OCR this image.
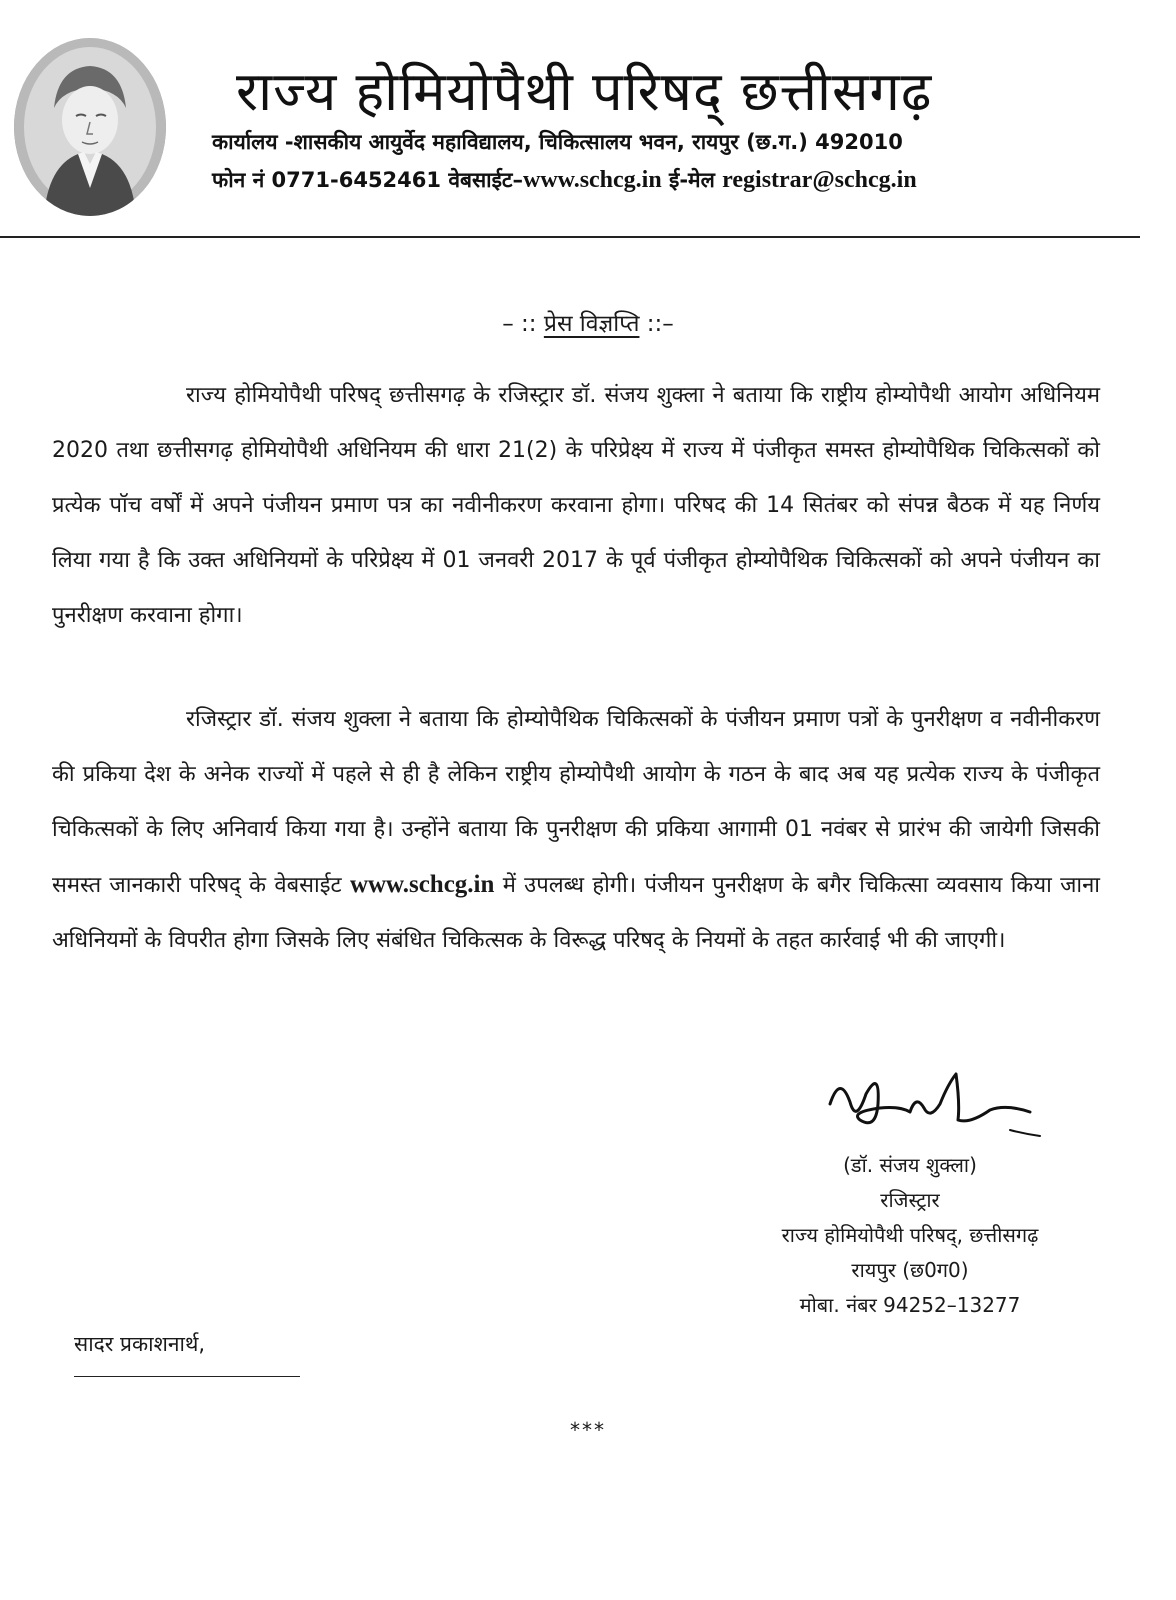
राज्य होमियोपैथी परिषद् छत्तीसगढ़
कार्यालय -शासकीय आयुर्वेद महाविद्यालय, चिकित्सालय भवन, रायपुर (छ.ग.) 492010
फोन नं 0771-6452461 वेबसाईट–www.schcg.in ई-मेल registrar@schcg.in
– :: प्रेस विज्ञप्ति ::–

राज्य होमियोपैथी परिषद् छत्तीसगढ़ के रजिस्ट्रार डॉ. संजय शुक्ला ने बताया कि राष्ट्रीय होम्योपैथी आयोग अधिनियम 2020 तथा छत्तीसगढ़ होमियोपैथी अधिनियम की धारा 21(2) के परिप्रेक्ष्य में राज्य में पंजीकृत समस्त होम्योपैथिक चिकित्सकों को प्रत्येक पॉच वर्षों में अपने पंजीयन प्रमाण पत्र का नवीनीकरण करवाना होगा। परिषद की 14 सितंबर को संपन्न बैठक में यह निर्णय लिया गया है कि उक्त अधिनियमों के परिप्रेक्ष्य में 01 जनवरी 2017 के पूर्व पंजीकृत होम्योपैथिक चिकित्सकों को अपने पंजीयन का पुनरीक्षण करवाना होगा।

रजिस्ट्रार डॉ. संजय शुक्ला ने बताया कि होम्योपैथिक चिकित्सकों के पंजीयन प्रमाण पत्रों के पुनरीक्षण व नवीनीकरण की प्रकिया देश के अनेक राज्यों में पहले से ही है लेकिन राष्ट्रीय होम्योपैथी आयोग के गठन के बाद अब यह प्रत्येक राज्य के पंजीकृत चिकित्सकों के लिए अनिवार्य किया गया है। उन्होंने बताया कि पुनरीक्षण की प्रकिया आगामी 01 नवंबर से प्रारंभ की जायेगी जिसकी समस्त जानकारी परिषद् के वेबसाईट www.schcg.in में उपलब्ध होगी। पंजीयन पुनरीक्षण के बगैर चिकित्सा व्यवसाय किया जाना अधिनियमों के विपरीत होगा जिसके लिए संबंधित चिकित्सक के विरूद्ध परिषद् के नियमों के तहत कार्रवाई भी की जाएगी।

(डॉ. संजय शुक्ला)
रजिस्ट्रार
राज्य होमियोपैथी परिषद्, छत्तीसगढ़
रायपुर (छ0ग0)
मोबा. नंबर 94252–13277
सादर प्रकाशनार्थ,
***
